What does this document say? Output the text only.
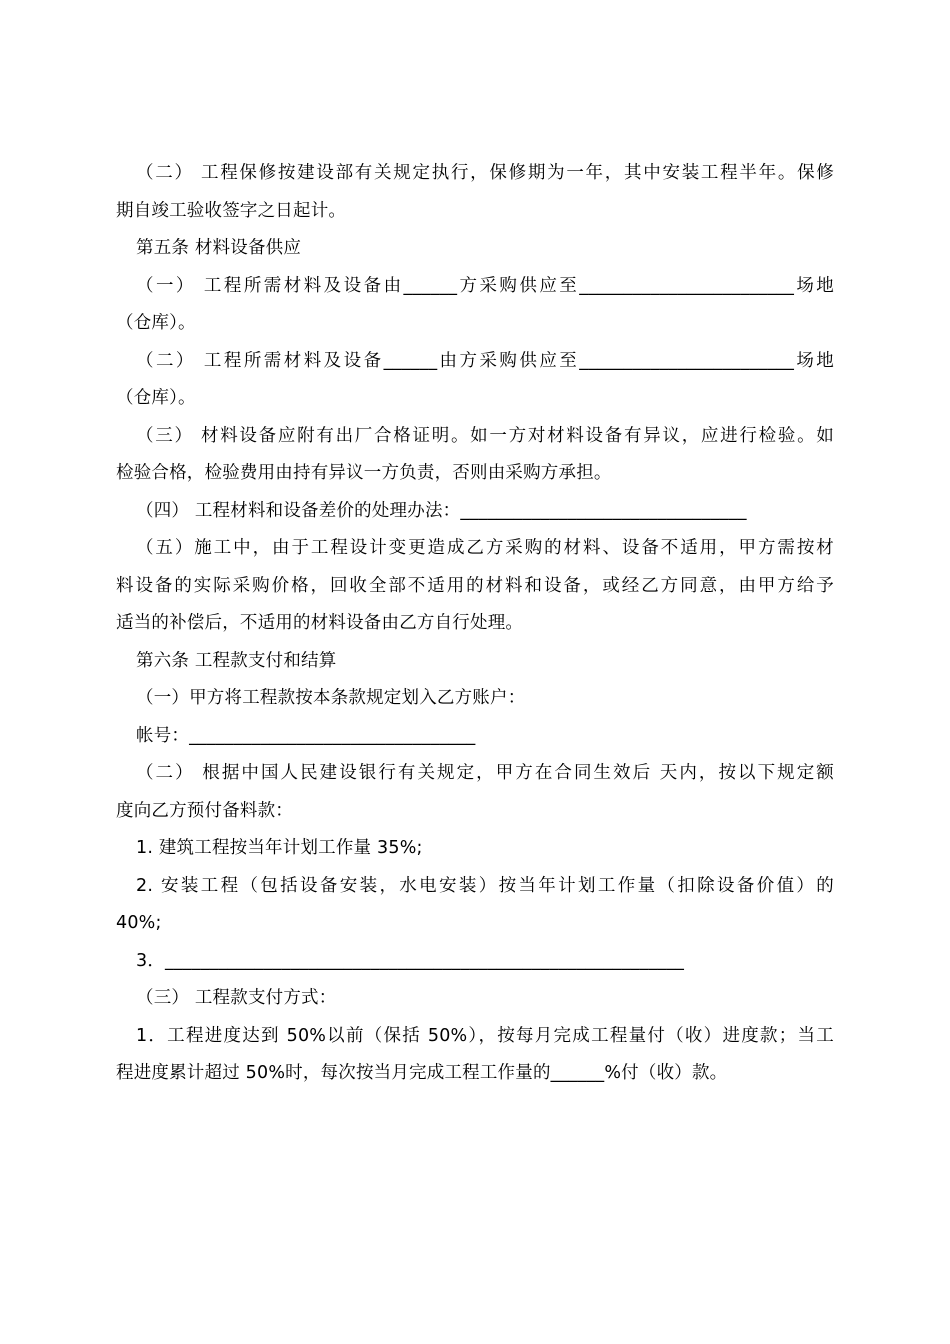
（二） 工程保修按建设部有关规定执行，保修期为一年，其中安装工程半年。保修
期自竣工验收签字之日起计。
第五条 材料设备供应
（一） 工程所需材料及设备由______方采购供应至________________________场地
（仓库）。
（二） 工程所需材料及设备______由方采购供应至________________________场地
（仓库）。
（三） 材料设备应附有出厂合格证明。如一方对材料设备有异议，应进行检验。如
检验合格，检验费用由持有异议一方负责，否则由采购方承担。
（四） 工程材料和设备差价的处理办法：________________________________
（五）施工中，由于工程设计变更造成乙方采购的材料、设备不适用，甲方需按材
料设备的实际采购价格，回收全部不适用的材料和设备，或经乙方同意，由甲方给予
适当的补偿后，不适用的材料设备由乙方自行处理。
第六条 工程款支付和结算
（一）甲方将工程款按本条款规定划入乙方账户：
帐号：________________________________
（二） 根据中国人民建设银行有关规定，甲方在合同生效后 天内，按以下规定额
度向乙方预付备料款：
1. 建筑工程按当年计划工作量 35%;
2. 安装工程（包括设备安装，水电安装）按当年计划工作量（扣除设备价值）的
40%;
3．__________________________________________________________
（三） 工程款支付方式：
1．工程进度达到 50%以前（保括 50%），按每月完成工程量付（收）进度款；当工
程进度累计超过 50%时，每次按当月完成工程工作量的______%付（收）款。
